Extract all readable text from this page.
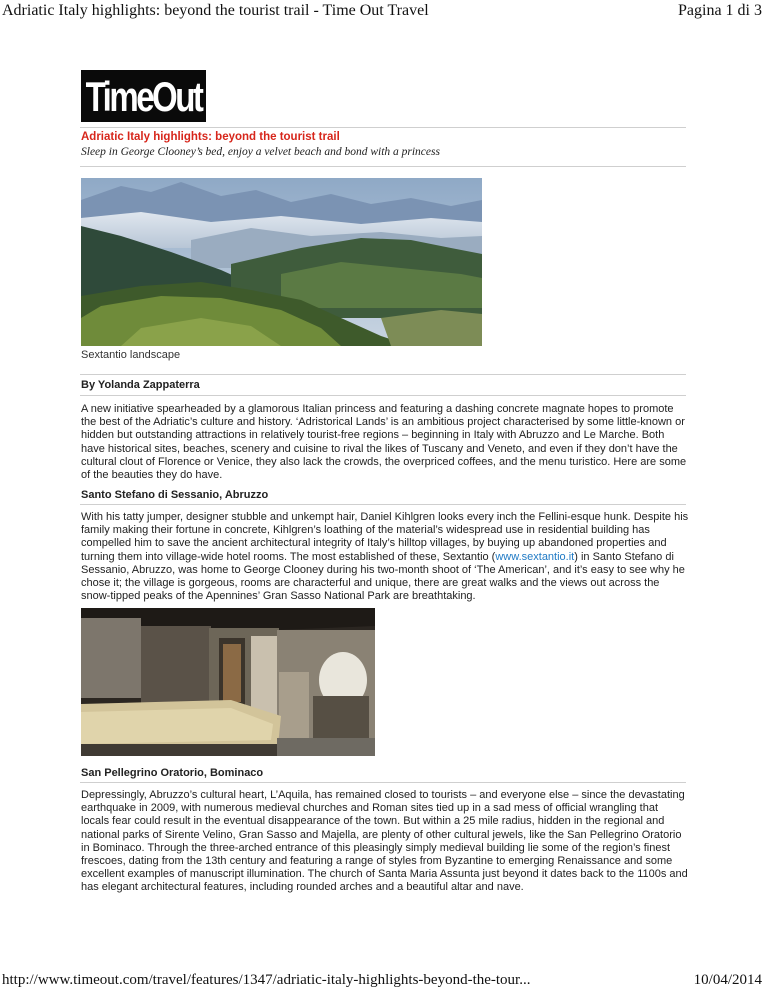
Adriatic Italy highlights: beyond the tourist trail - Time Out Travel	Pagina 1 di 3
TimeOut
Adriatic Italy highlights: beyond the tourist trail
Sleep in George Clooney’s bed, enjoy a velvet beach and bond with a princess
Sextantio landscape
By Yolanda Zappaterra

A new initiative spearheaded by a glamorous Italian princess and featuring a dashing concrete magnate hopes to promote the best of the Adriatic’s culture and history. ‘Adristorical Lands’ is an ambitious project characterised by some little-known or hidden but outstanding attractions in relatively tourist-free regions – beginning in Italy with Abruzzo and Le Marche. Both have historical sites, beaches, scenery and cuisine to rival the likes of Tuscany and Veneto, and even if they don’t have the cultural clout of Florence or Venice, they also lack the crowds, the overpriced coffees, and the menu turistico. Here are some of the beauties they do have.

Santo Stefano di Sessanio, Abruzzo

With his tatty jumper, designer stubble and unkempt hair, Daniel Kihlgren looks every inch the Fellini-esque hunk. Despite his family making their fortune in concrete, Kihlgren’s loathing of the material’s widespread use in residential building has compelled him to save the ancient architectural integrity of Italy’s hilltop villages, by buying up abandoned properties and turning them into village-wide hotel rooms. The most established of these, Sextantio (www.sextantio.it) in Santo Stefano di Sessanio, Abruzzo, was home to George Clooney during his two-month shoot of ‘The American’, and it’s easy to see why he chose it; the village is gorgeous, rooms are characterful and unique, there are great walks and the views out across the snow-tipped peaks of the Apennines’ Gran Sasso National Park are breathtaking.

San Pellegrino Oratorio, Bominaco

Depressingly, Abruzzo’s cultural heart, L’Aquila, has remained closed to tourists – and everyone else – since the devastating earthquake in 2009, with numerous medieval churches and Roman sites tied up in a sad mess of official wrangling that locals fear could result in the eventual disappearance of the town. But within a 25 mile radius, hidden in the regional and national parks of Sirente Velino, Gran Sasso and Majella, are plenty of other cultural jewels, like the San Pellegrino Oratorio in Bominaco. Through the three-arched entrance of this pleasingly simply medieval building lie some of the region’s finest frescoes, dating from the 13th century and featuring a range of styles from Byzantine to emerging Renaissance and some excellent examples of manuscript illumination. The church of Santa Maria Assunta just beyond it dates back to the 1100s and has elegant architectural features, including rounded arches and a beautiful altar and nave.

http://www.timeout.com/travel/features/1347/adriatic-italy-highlights-beyond-the-tour...	10/04/2014
